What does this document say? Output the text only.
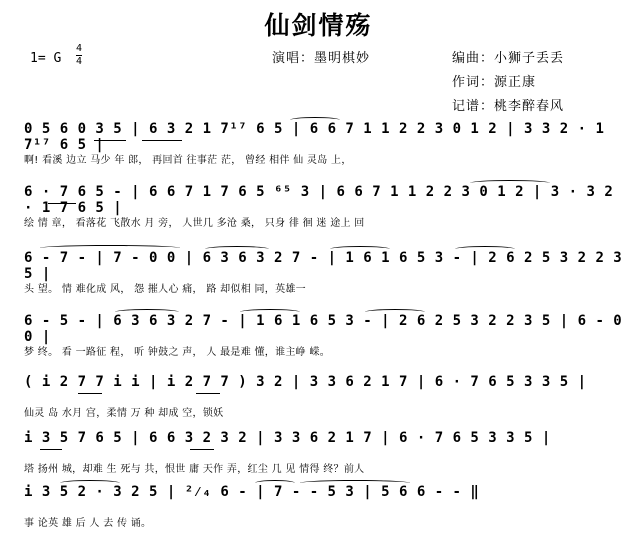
仙剑情殇
1= G
4
4	演唱：墨明棋妙	编曲：小狮子丢丢
作词：源正康
记谱：桃李醉春风
0 5 6 0 3 5 | 6 3 2 1 7¹⁷ 6 5 | 6 6 7 1 1 2 2 3 0 1 2 | 3 3 2 · 1 7¹⁷ 6 5 |
啊! 看溪 边立 马少 年 郎， 再回首 往事茫 茫， 曾经 相伴 仙 灵岛 上，
6 · 7 6 5 - | 6 6 7 1 7 6 5 ⁶⁵ 3 | 6 6 7 1 1 2 2 3 0 1 2 | 3 · 3 2 · 1 7 6 5 |
绘 情 章， 看落花 飞散水 月 旁， 人世几 多沧 桑， 只身 徘 徊 迷 途上 回
6 - 7 - | 7 - 0 0 | 6 3 6 3 2 7 - | 1 6 1 6 5 3 - | 2 6 2 5 3 2 2 3 5 |
头 望。 情 难化成 风， 怨 摧人心 痛， 路 却似相 同，英雄一
6 - 5 - | 6 3 6 3 2 7 - | 1 6 1 6 5 3 - | 2 6 2 5 3 2 2 3 5 | 6 - 0 0 |
梦 终。 看 一路征 程， 听 钟鼓之 声， 人 最是难 懂，谁主峥 嵘。
( i 2 7 7 i i | i 2 7 7 ) 3 2 | 3 3 6 2 1 7 | 6 · 7 6 5 3 3 5 |
仙灵 岛 水月 宫，柔情 万 种 却成 空，锁妖
i 3 5 7 6 5 | 6 6 3 2 3 2 | 3 3 6 2 1 7 | 6 · 7 6 5 3 3 5 |
塔 扬州 城，却难 生 死与 共，恨世 庸 天作 弄，红尘 几 见 情得 终？前人
i 3 5 2 · 3 2 5 | ²⁄₄ 6 - | 7 - - 5 3 | 5 6 6 - - ‖
事 论英 雄 后 人 去 传 诵。
